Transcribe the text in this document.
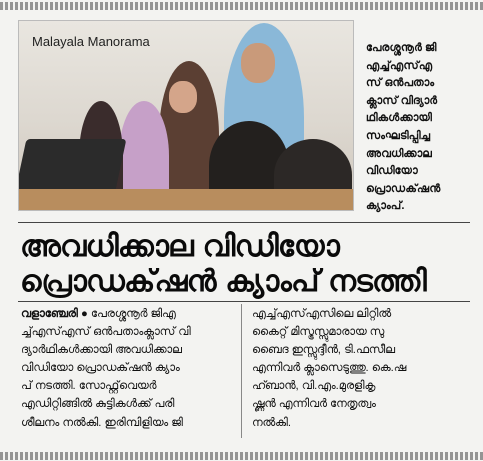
Malayala Manorama	പേരശ്ശനൂർ ജി
എച്ച്എസ്എ
സ് ഒൻപതാം
ക്ലാസ് വിദ്യാർ
ഥികൾക്കായി
സംഘടിപ്പിച്ച
അവധിക്കാല
വിഡിയോ
പ്രൊഡക്‌ഷൻ
ക്യാംപ്.
അവധിക്കാല വിഡിയോ
പ്രൊഡക്‌ഷൻ ക്യാംപ് നടത്തി
വളാഞ്ചേരി ● പേരശ്ശനൂർ ജിഎ
ച്ച്എസ്എസ് ഒൻപതാംക്ലാസ് വി
ദ്യാർഥികൾക്കായി അവധിക്കാല
വിഡിയോ പ്രൊഡക്‌ഷൻ ക്യാം
പ് നടത്തി. സോഫ്റ്റ്‌വെയർ
എഡിറ്റിങ്ങിൽ കുട്ടികൾക്ക് പരി
ശീലനം നൽകി. ഇരിമ്പിളിയം ജി
എച്ച്എസ്എസിലെ ലിറ്റിൽ
കൈറ്റ് മിസ്ട്രസ്സുമാരായ സു
ബൈദ ഇസ്സുദ്ദീൻ, ടി.ഫസീല
എന്നിവർ ക്ലാസെടുത്തു. കെ.ഷ
ഹ്ബാൻ, വി.എം.മുരളികൃ
ഷ്ണൻ എന്നിവർ നേതൃത്വം
നൽകി.
